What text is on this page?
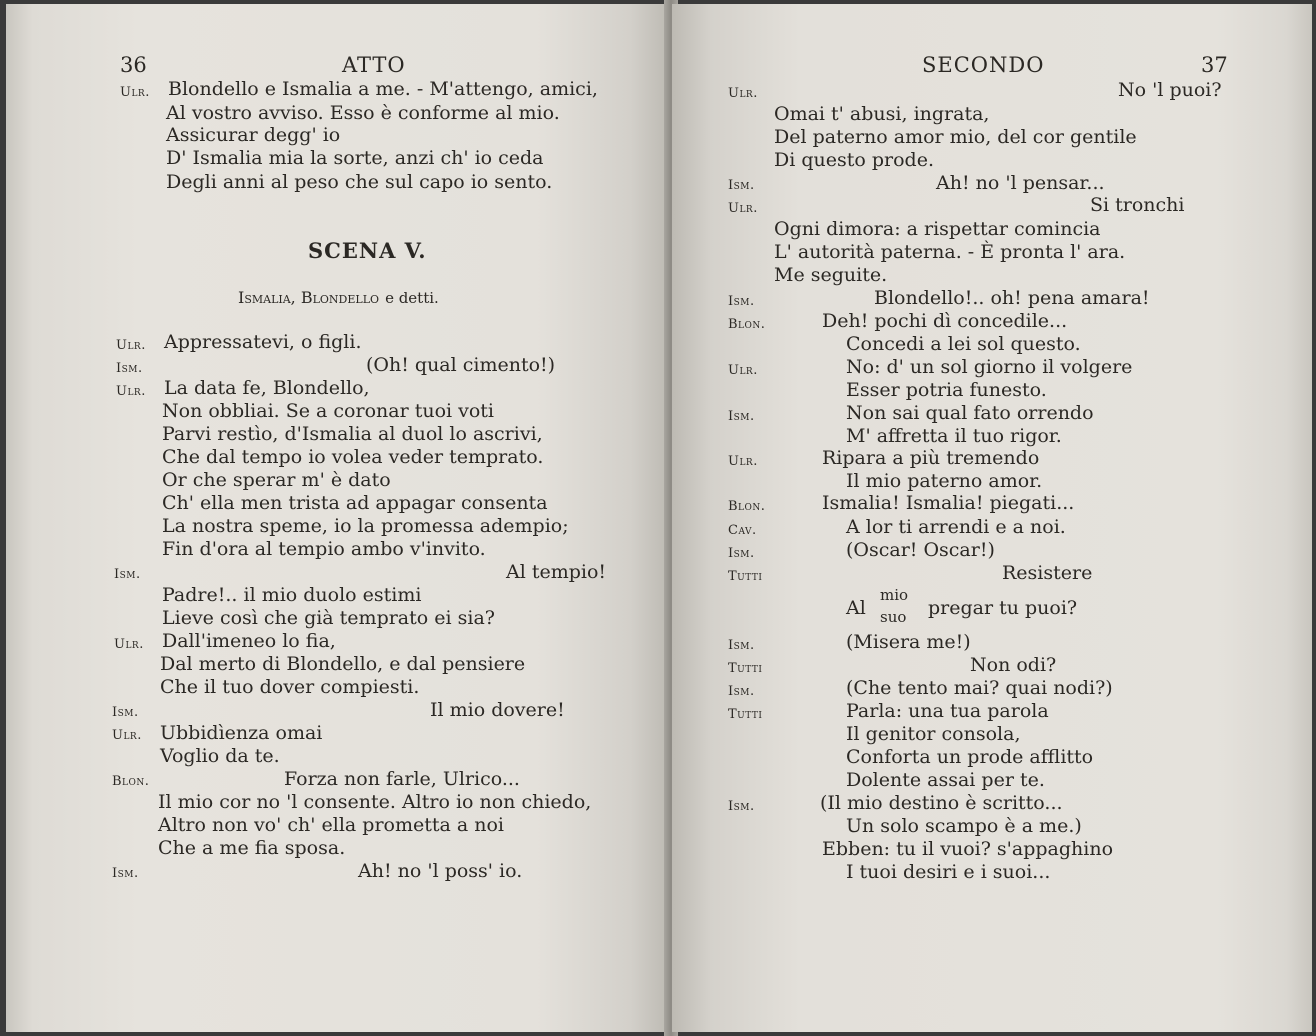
36	ATTO
Ulr. Blondello e Ismalia a me. - M'attengo, amici,
Al vostro avviso. Esso è conforme al mio.
Assicurar degg' io
D' Ismalia mia la sorte, anzi ch' io ceda
Degli anni al peso che sul capo io sento.
SCENA V.
Ismalia, Blondello e detti.
Ulr. Appressatevi, o figli.
Ism.	(Oh! qual cimento!)
Ulr. La data fe, Blondello,
Non obbliai. Se a coronar tuoi voti
Parvi restìo, d'Ismalia al duol lo ascrivi,
Che dal tempo io volea veder temprato.
Or che sperar m' è dato
Ch' ella men trista ad appagar consenta
La nostra speme, io la promessa adempio;
Fin d'ora al tempio ambo v'invito.
Ism.	Al tempio!
Padre!.. il mio duolo estimi
Lieve così che già temprato ei sia?
Ulr. Dall'imeneo lo fia,
Dal merto di Blondello, e dal pensiere
Che il tuo dover compiesti.
Ism.	Il mio dovere!
Ulr. Ubbidìenza omai
Voglio da te.
Blon.	Forza non farle, Ulrico...
Il mio cor no 'l consente. Altro io non chiedo,
Altro non vo' ch' ella prometta a noi
Che a me fia sposa.
Ism.	Ah! no 'l poss' io.
SECONDO	37
Ulr.	No 'l puoi?
Omai t' abusi, ingrata,
Del paterno amor mio, del cor gentile
Di questo prode.
Ism.	Ah! no 'l pensar...
Ulr.	Si tronchi
Ogni dimora: a rispettar comincia
L' autorità paterna. - È pronta l' ara.
Me seguite.
Ism.	Blondello!.. oh! pena amara!
Blon.	Deh! pochi dì concedile...
Concedi a lei sol questo.
Ulr.	No: d' un sol giorno il volgere
Esser potria funesto.
Ism.	Non sai qual fato orrendo
M' affretta il tuo rigor.
Ulr.	Ripara a più tremendo
Il mio paterno amor.
Blon.	Ismalia! Ismalia! piegati...
Cav.	A lor ti arrendi e a noi.
Ism.	(Oscar! Oscar!)
Tutti	Resistere
Al
mio
suo pregar tu puoi?
Ism.	(Misera me!)
Tutti	Non odi?
Ism.	(Che tento mai? quai nodi?)
Tutti	Parla: una tua parola
Il genitor consola,
Conforta un prode afflitto
Dolente assai per te.
Ism.	(Il mio destino è scritto...
Un solo scampo è a me.)
Ebben: tu il vuoi? s'appaghino
I tuoi desiri e i suoi...
